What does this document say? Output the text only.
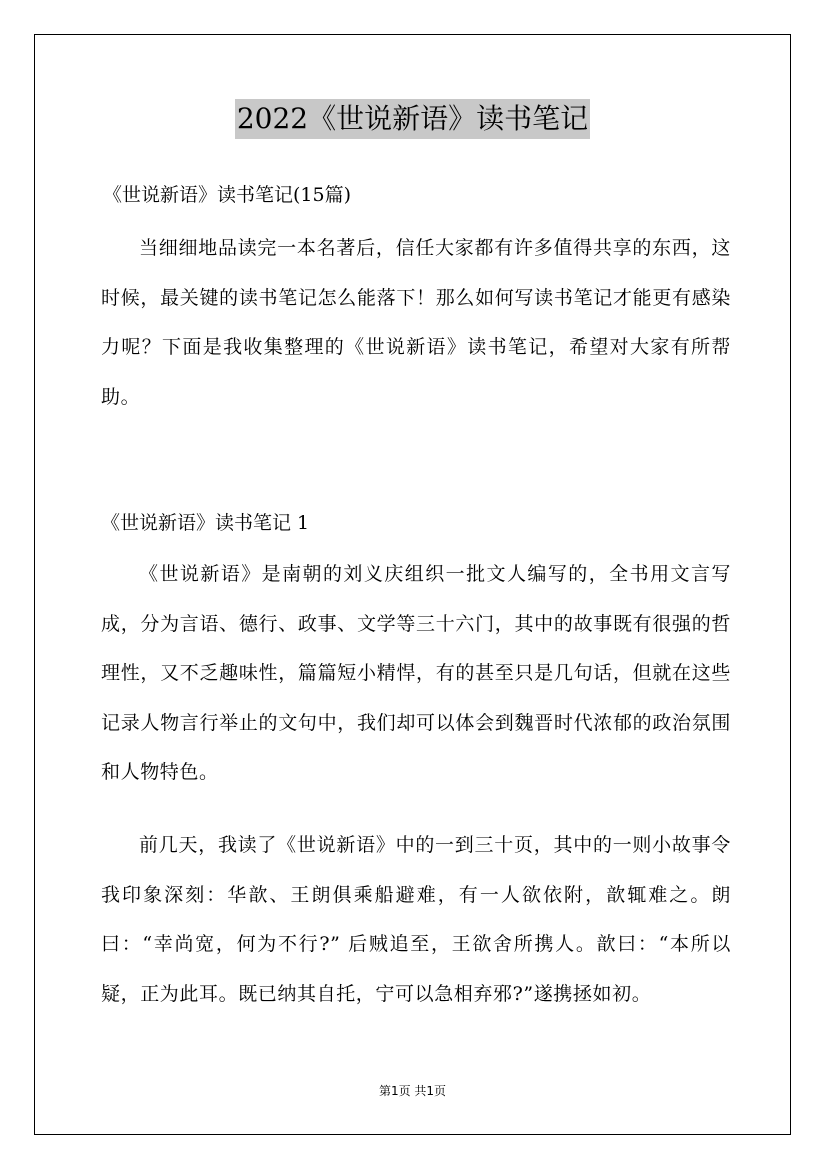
2022《世说新语》读书笔记
《世说新语》读书笔记(15篇)

当细细地品读完一本名著后，信任大家都有许多值得共享的东西，这时候，最关键的读书笔记怎么能落下！那么如何写读书笔记才能更有感染力呢？下面是我收集整理的《世说新语》读书笔记，希望对大家有所帮助。

《世说新语》读书笔记 1

《世说新语》是南朝的刘义庆组织一批文人编写的，全书用文言写成，分为言语、德行、政事、文学等三十六门，其中的故事既有很强的哲理性，又不乏趣味性，篇篇短小精悍，有的甚至只是几句话，但就在这些记录人物言行举止的文句中，我们却可以体会到魏晋时代浓郁的政治氛围和人物特色。

前几天，我读了《世说新语》中的一到三十页，其中的一则小故事令我印象深刻：华歆、王朗俱乘船避难，有一人欲依附，歆辄难之。朗曰：“幸尚宽，何为不行?” 后贼追至，王欲舍所携人。歆曰：“本所以疑，正为此耳。既已纳其自托，宁可以急相弃邪?”遂携拯如初。

第1页 共1页
